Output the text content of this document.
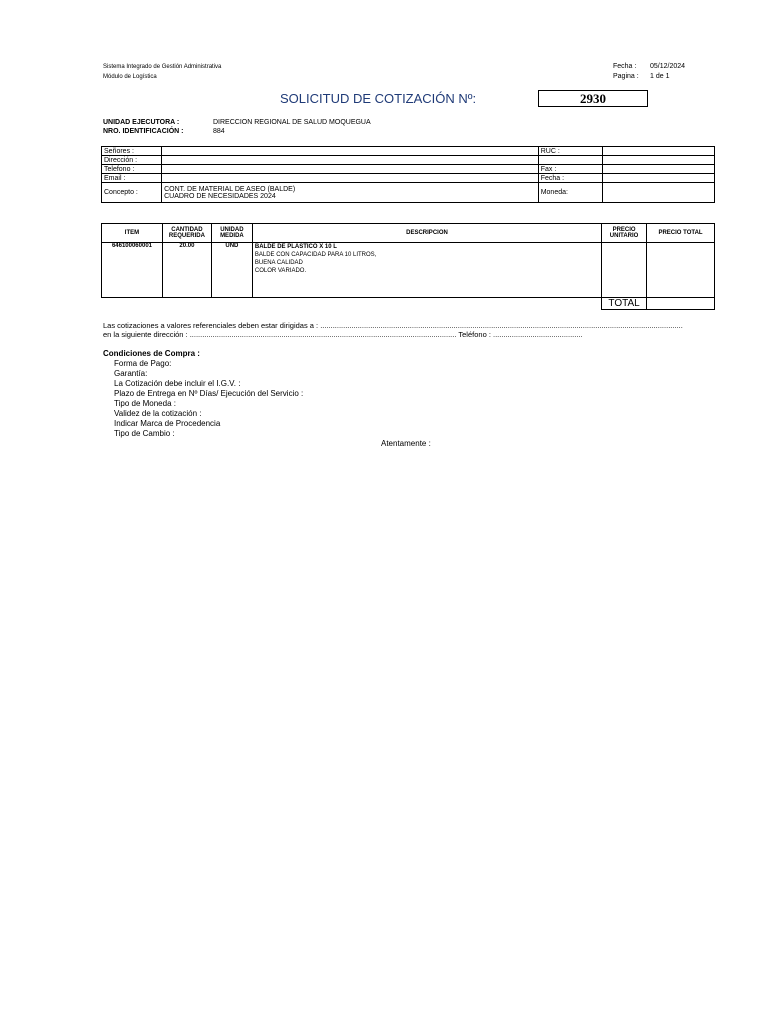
Sistema Integrado de Gestión Administrativa
Módulo de Logística
Fecha : 05/12/2024
Pagina : 1 de 1
SOLICITUD DE COTIZACIÓN Nº:	2930
UNIDAD EJECUTORA :	DIRECCION REGIONAL DE SALUD MOQUEGUA
NRO. IDENTIFICACIÓN :	884
Señores :		RUC :	
Dirección :			
Telefono :		Fax :	
Email :		Fecha :	
Concepto :	CONT. DE MATERIAL DE ASEO (BALDE)
CUADRO DE NECESIDADES 2024	Moneda:	
ITEM	CANTIDAD REQUERIDA	UNIDAD MEDIDA	DESCRIPCION	PRECIO UNITARIO	PRECIO TOTAL
646100060001	20.00	UND	BALDE DE PLASTICO X 10 L
BALDE CON CAPACIDAD PARA 10 LITROS,
BUENA CALIDAD
COLOR VARIADO.		

				TOTAL	
Las cotizaciones a valores referenciales deben estar dirigidas a : ..............................................................................................................................................................................
en la siguiente dirección : ................................................................................................................................ Teléfono : ...........................................
Condiciones de Compra :
Forma de Pago:
Garantía:
La Cotización debe incluir el I.G.V. :
Plazo de Entrega en Nº Días/ Ejecución del Servicio :
Tipo de Moneda :
Validez de la cotización :
Indicar Marca de Procedencia
Tipo de Cambio :
Atentamente :
